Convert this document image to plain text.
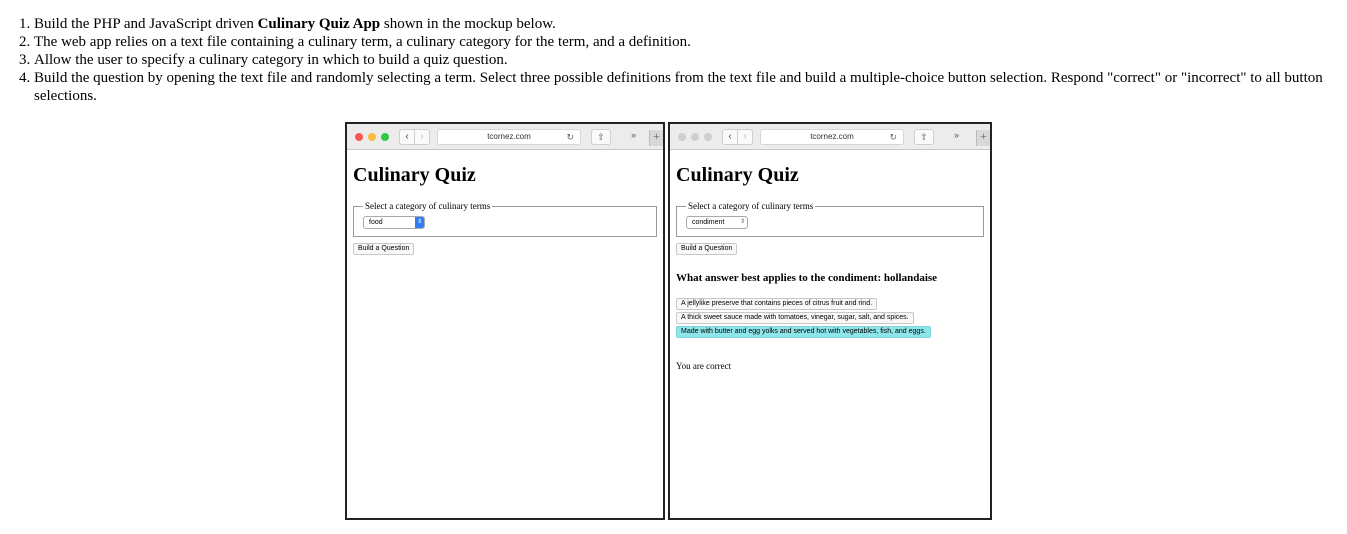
1. Build the PHP and JavaScript driven Culinary Quiz App shown in the mockup below.
2. The web app relies on a text file containing a culinary term, a culinary category for the term, and a definition.
3. Allow the user to specify a culinary category in which to build a quiz question.
4. Build the question by opening the text file and randomly selecting a term. Select three possible definitions from the text file and build a multiple-choice button selection. Respond "correct" or "incorrect" to all button selections.
‹	›	tcornez.com	↻	⇧	»	+
Culinary Quiz
Select a category of culinary terms
food	⇕
Build a Question
‹	›	tcornez.com	↻	⇧	»	+
Culinary Quiz
Select a category of culinary terms
condiment	⇕
Build a Question
What answer best applies to the condiment: hollandaise
A jellylike preserve that contains pieces of citrus fruit and rind.
A thick sweet sauce made with tomatoes, vinegar, sugar, salt, and spices.
Made with butter and egg yolks and served hot with vegetables, fish, and eggs.
You are correct
